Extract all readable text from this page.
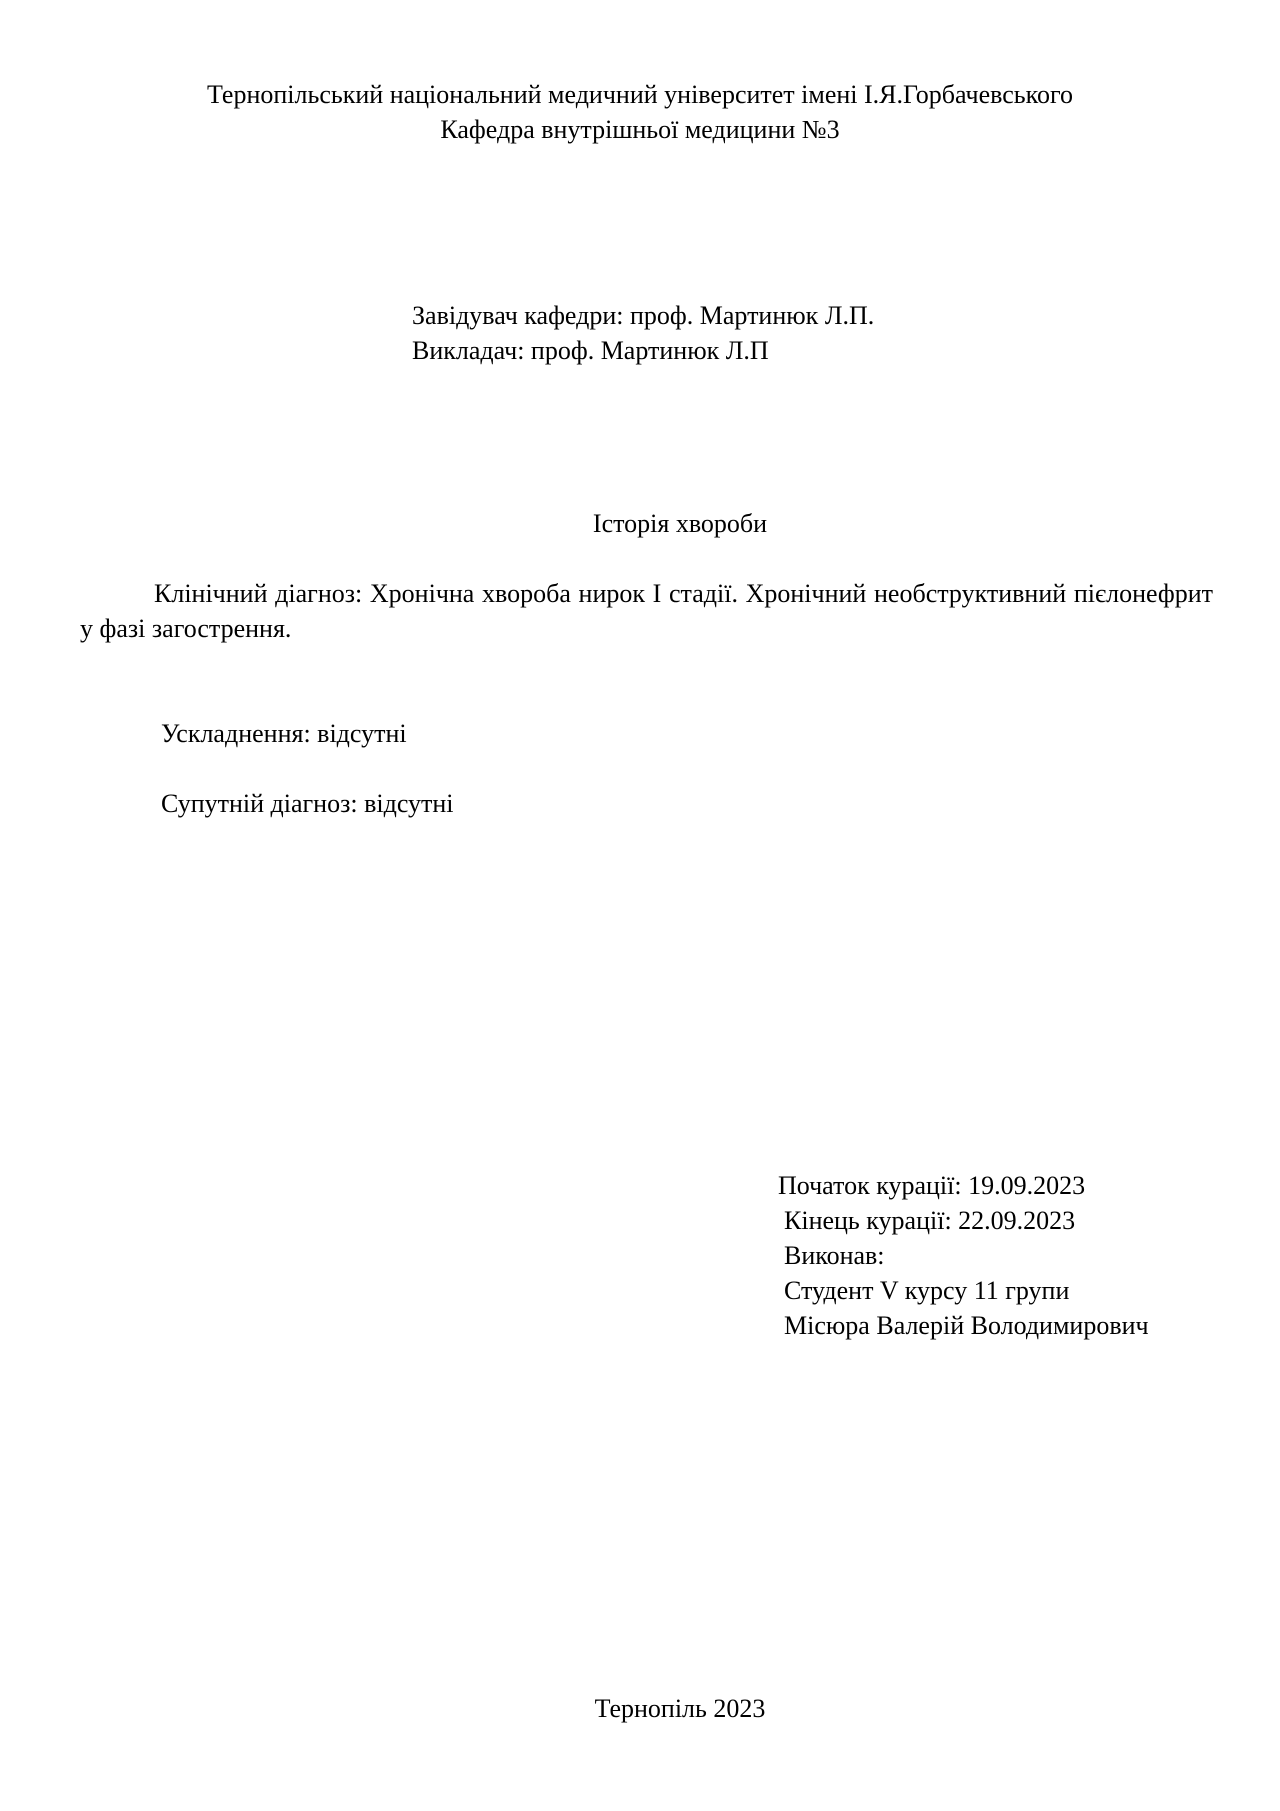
Тернопільський національний медичний університет імені І.Я.Горбачевського
Кафедра внутрішньої медицини №3
Завідувач кафедри: проф. Мартинюк Л.П.
Викладач: проф. Мартинюк Л.П
Історія хвороби

Клінічний діагноз: Хронічна хвороба нирок I стадії. Хронічний необструктивний пієлонефрит у фазі загострення.

Ускладнення: відсутні
Супутній діагноз: відсутні
Початок курації: 19.09.2023
Кінець курації: 22.09.2023
Виконав:
Студент V курсу 11 групи
Місюра Валерій Володимирович
Тернопіль 2023
